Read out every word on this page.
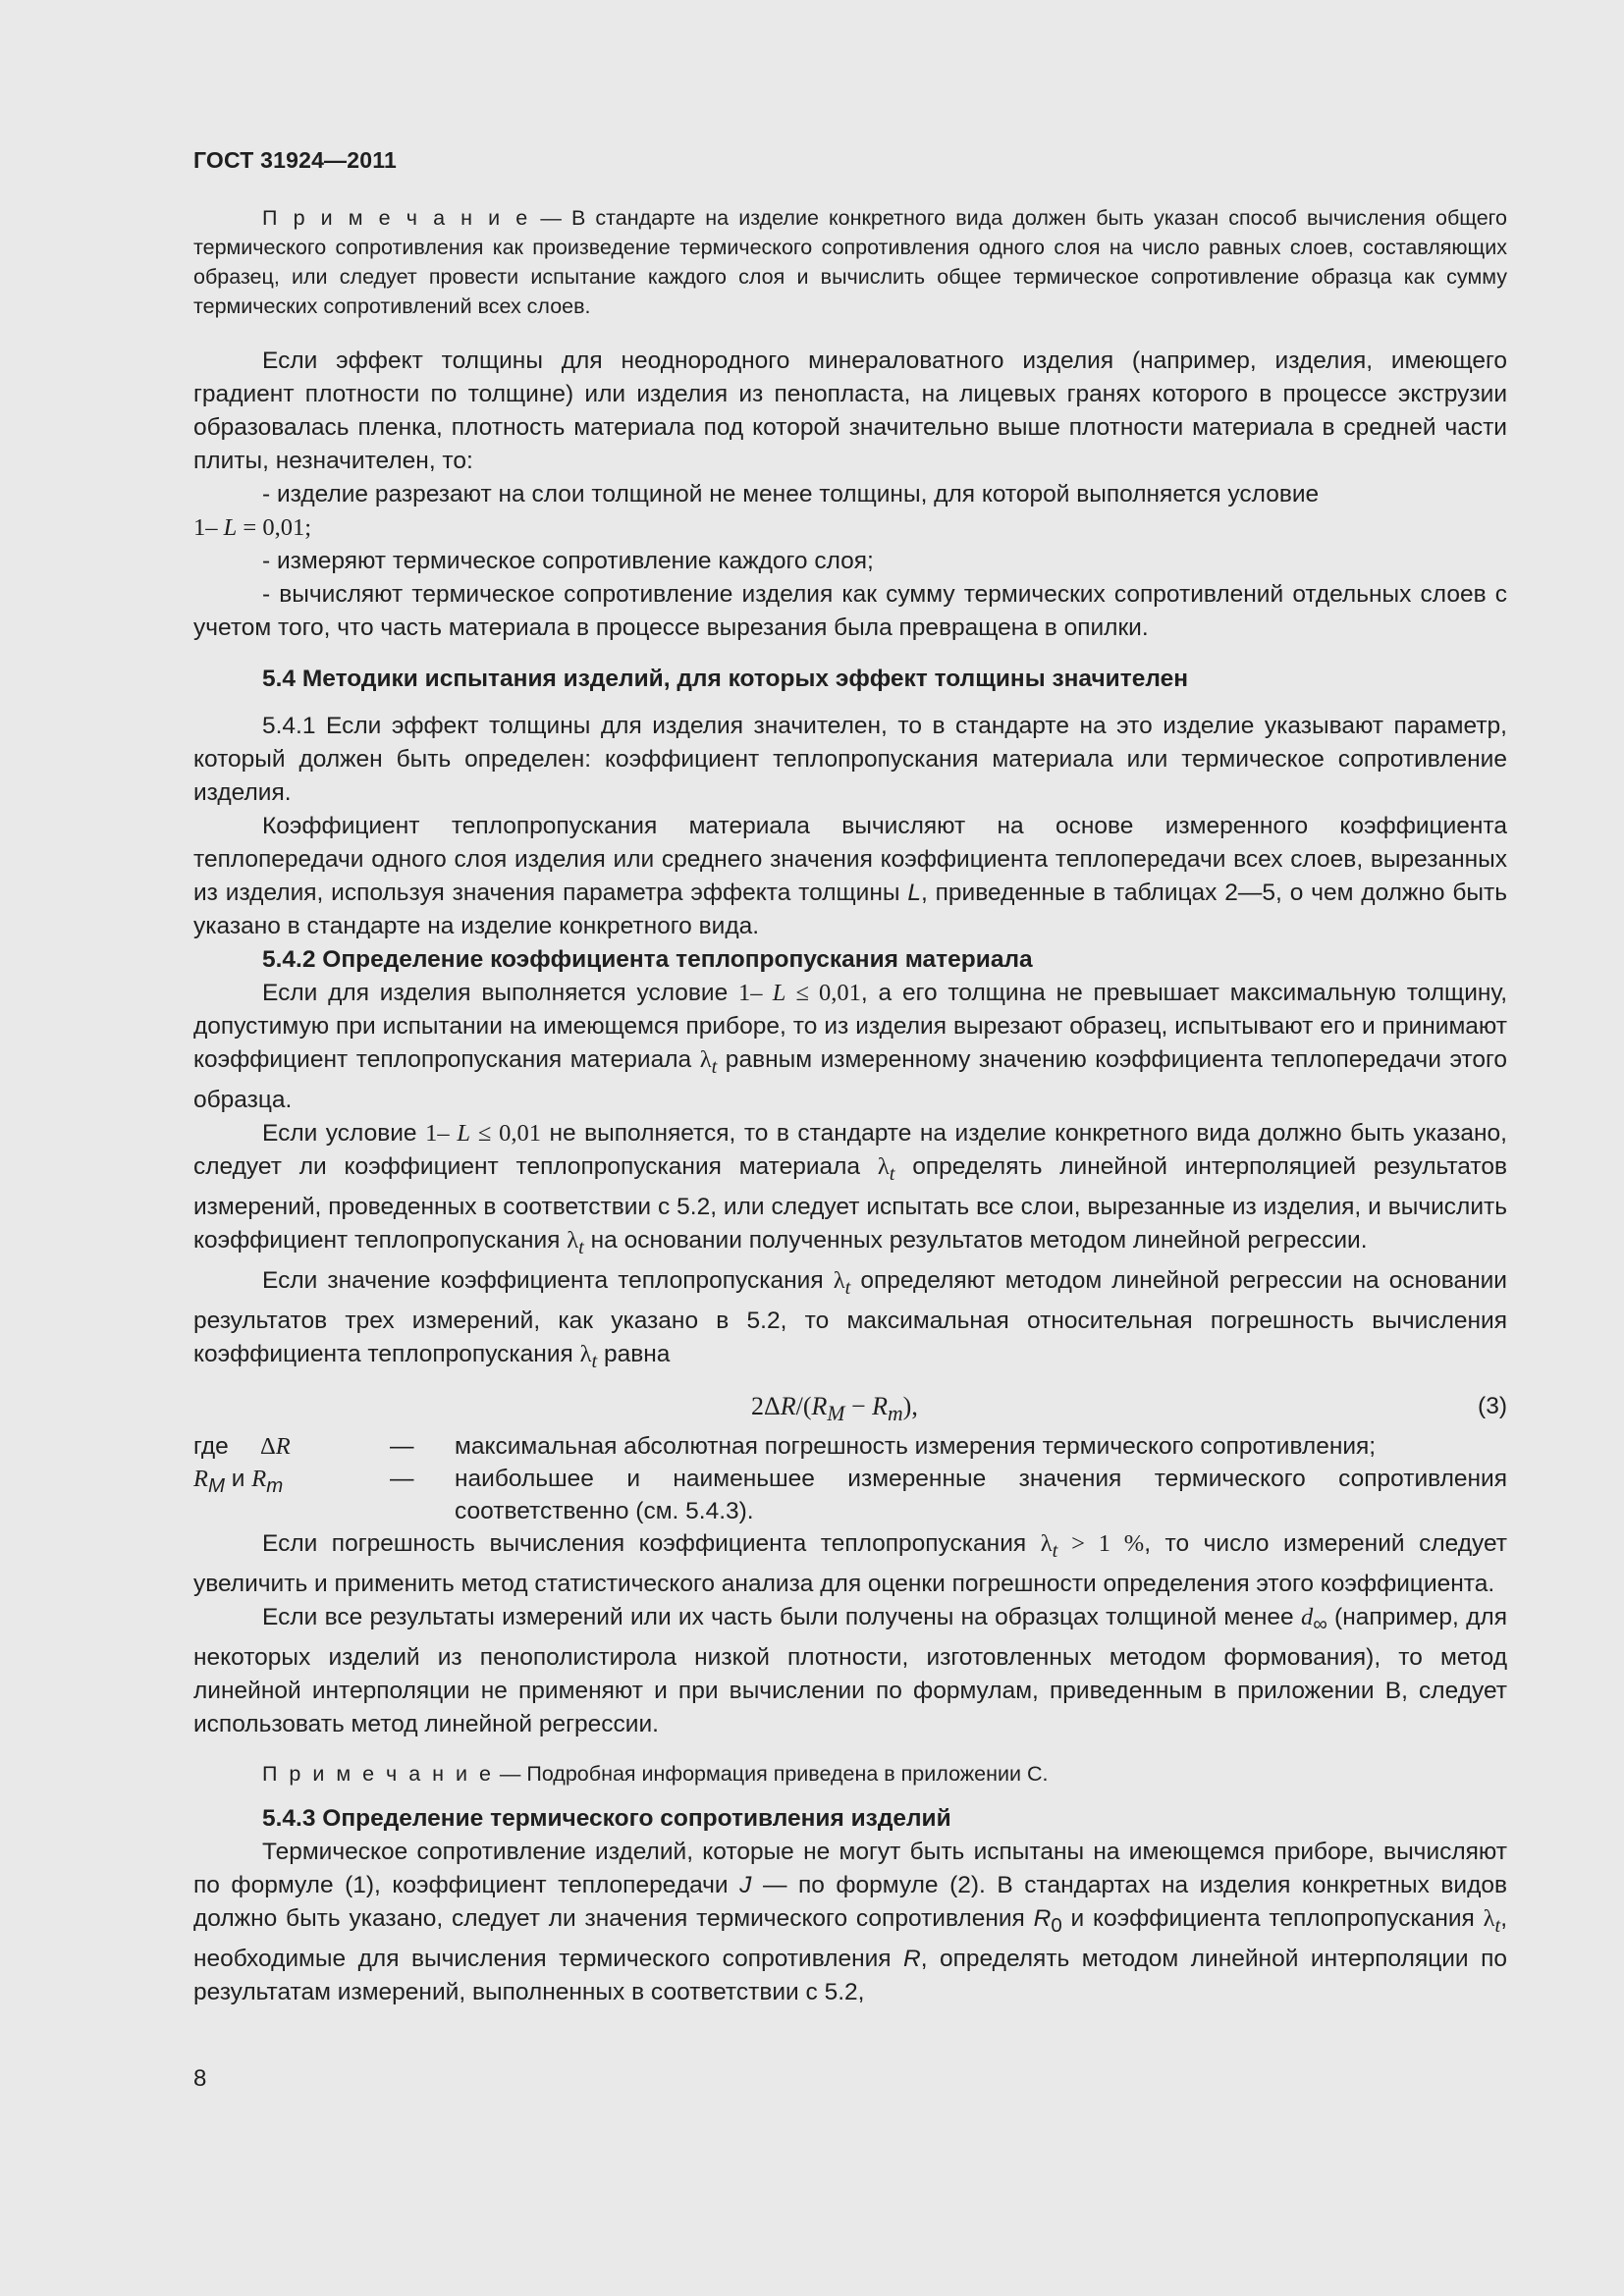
ГОСТ 31924—2011

П р и м е ч а н и е — В стандарте на изделие конкретного вида должен быть указан способ вычисления общего термического сопротивления как произведение термического сопротивления одного слоя на число равных слоев, составляющих образец, или следует провести испытание каждого слоя и вычислить общее термическое сопротивление образца как сумму термических сопротивлений всех слоев.

Если эффект толщины для неоднородного минераловатного изделия (например, изделия, имеющего градиент плотности по толщине) или изделия из пенопласта, на лицевых гранях которого в процессе экструзии образовалась пленка, плотность материала под которой значительно выше плотности материала в средней части плиты, незначителен, то:

- изделие разрезают на слои толщиной не менее толщины, для которой выполняется условие
1– L = 0,01;

- измеряют термическое сопротивление каждого слоя;

- вычисляют термическое сопротивление изделия как сумму термических сопротивлений отдельных слоев с учетом того, что часть материала в процессе вырезания была превращена в опилки.

5.4 Методики испытания изделий, для которых эффект толщины значителен

5.4.1 Если эффект толщины для изделия значителен, то в стандарте на это изделие указывают параметр, который должен быть определен: коэффициент теплопропускания материала или термическое сопротивление изделия.

Коэффициент теплопропускания материала вычисляют на основе измеренного коэффициента теплопередачи одного слоя изделия или среднего значения коэффициента теплопередачи всех слоев, вырезанных из изделия, используя значения параметра эффекта толщины L, приведенные в таблицах 2—5, о чем должно быть указано в стандарте на изделие конкретного вида.

5.4.2 Определение коэффициента теплопропускания материала

Если для изделия выполняется условие 1– L ≤ 0,01, а его толщина не превышает максимальную толщину, допустимую при испытании на имеющемся приборе, то из изделия вырезают образец, испытывают его и принимают коэффициент теплопропускания материала $\lambda_t$ равным измеренному значению коэффициента теплопередачи этого образца.

Если условие 1– L ≤ 0,01 не выполняется, то в стандарте на изделие конкретного вида должно быть указано, следует ли коэффициент теплопропускания материала $\lambda_t$ определять линейной интерполяцией результатов измерений, проведенных в соответствии с 5.2, или следует испытать все слои, вырезанные из изделия, и вычислить коэффициент теплопропускания $\lambda_t$ на основании полученных результатов методом линейной регрессии.

Если значение коэффициента теплопропускания $\lambda_t$ определяют методом линейной регрессии на основании результатов трех измерений, как указано в 5.2, то максимальная относительная погрешность вычисления коэффициента теплопропускания $\lambda_t$ равна

$2\Delta R/(R_M - R_m)$,	(3)
где	ΔR	—	максимальная абсолютная погрешность измерения термического сопротивления;
$R_M$ и $R_m$		—	наибольшее и наименьшее измеренные значения термического сопротивления соответственно (см. 5.4.3).

Если погрешность вычисления коэффициента теплопропускания $\lambda_t > 1$ %, то число измерений следует увеличить и применить метод статистического анализа для оценки погрешности определения этого коэффициента.

Если все результаты измерений или их часть были получены на образцах толщиной менее $d_\infty$ (например, для некоторых изделий из пенополистирола низкой плотности, изготовленных методом формования), то метод линейной интерполяции не применяют и при вычислении по формулам, приведенным в приложении В, следует использовать метод линейной регрессии.

П р и м е ч а н и е — Подробная информация приведена в приложении С.

5.4.3 Определение термического сопротивления изделий

Термическое сопротивление изделий, которые не могут быть испытаны на имеющемся приборе, вычисляют по формуле (1), коэффициент теплопередачи J — по формуле (2). В стандартах на изделия конкретных видов должно быть указано, следует ли значения термического сопротивления $R_0$ и коэффициента теплопропускания $\lambda_t$, необходимые для вычисления термического сопротивления R, определять методом линейной интерполяции по результатам измерений, выполненных в соответствии с 5.2,

8
